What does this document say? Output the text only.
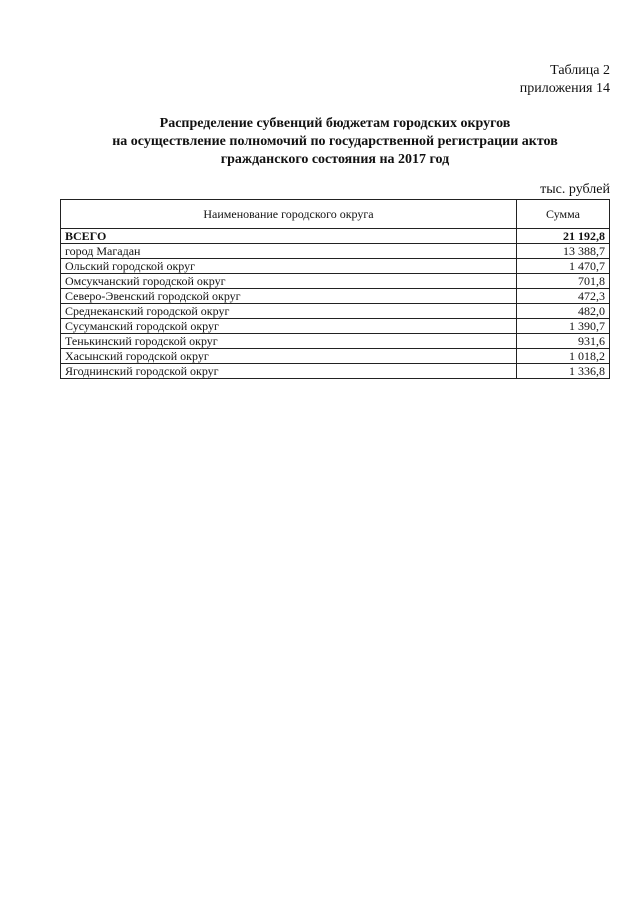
Таблица 2
приложения 14
Распределение субвенций бюджетам городских округов
на осуществление полномочий по государственной регистрации актов
гражданского состояния на 2017 год
тыс. рублей
Наименование городского округа	Сумма
ВСЕГО	21 192,8
город Магадан	13 388,7
Ольский городской округ	1 470,7
Омсукчанский городской округ	701,8
Северо-Эвенский городской округ	472,3
Среднеканский городской округ	482,0
Сусуманский городской округ	1 390,7
Тенькинский городской округ	931,6
Хасынский городской округ	1 018,2
Ягоднинский городской округ	1 336,8
